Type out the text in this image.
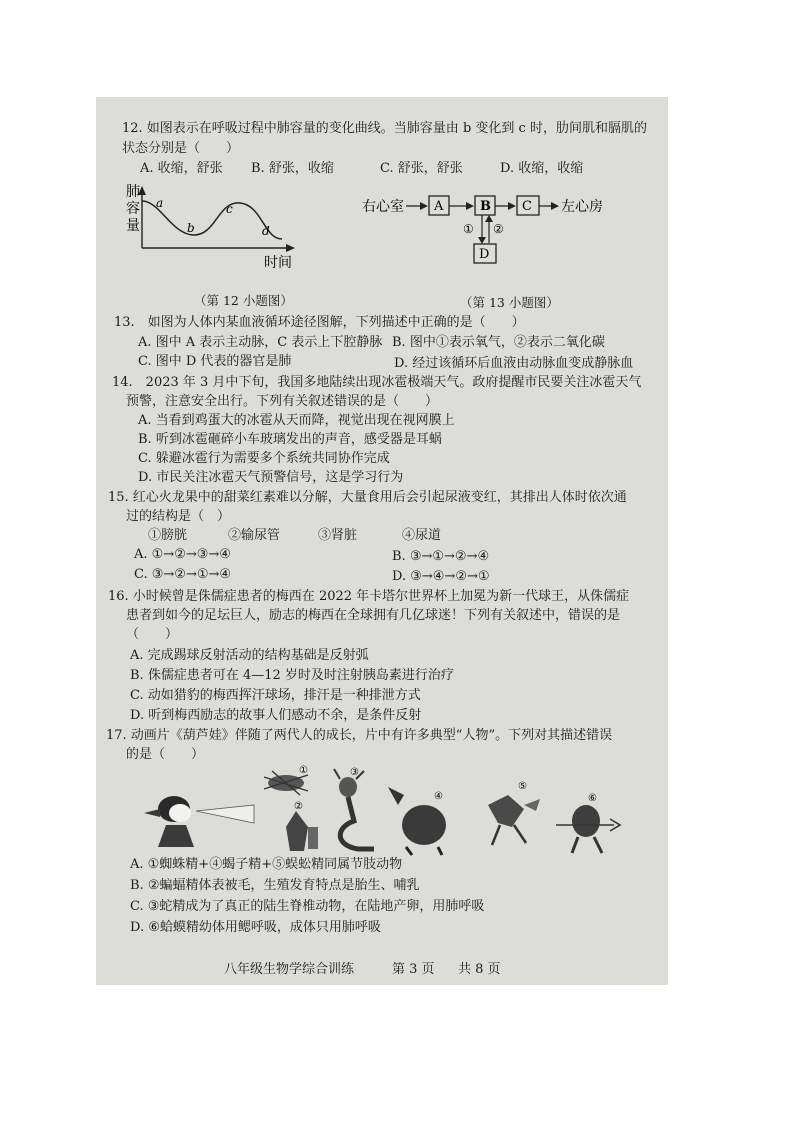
12. 如图表示在呼吸过程中肺容量的变化曲线。当肺容量由 b 变化到 c 时，肋间肌和膈肌的
状态分别是（　　）
A. 收缩，舒张 B. 舒张，收缩	C. 舒张，舒张	D. 收缩，收缩
肺
容
量
a
b
c
d
时间
右心室 A	B C 左心房
① ②
D
（第 12 小题图）	（第 13 小题图）
13.　如图为人体内某血液循环途径图解，下列描述中正确的是（　　）
A. 图中 A 表示主动脉，C 表示上下腔静脉 B. 图中①表示氧气，②表示二氧化碳
C. 图中 D 代表的器官是肺	D. 经过该循环后血液由动脉血变成静脉血
14.　2023 年 3 月中下旬，我国多地陆续出现冰雹极端天气。政府提醒市民要关注冰雹天气
预警，注意安全出行。下列有关叙述错误的是（　　）
A. 当看到鸡蛋大的冰雹从天而降，视觉出现在视网膜上
B. 听到冰雹砸碎小车玻璃发出的声音，感受器是耳蜗
C. 躲避冰雹行为需要多个系统共同协作完成
D. 市民关注冰雹天气预警信号，这是学习行为
15. 红心火龙果中的甜菜红素难以分解，大量食用后会引起尿液变红，其排出人体时依次通
过的结构是（　）
①膀胱	②输尿管	③肾脏	④尿道
A. ①→②→③→④	B. ③→①→②→④
C. ③→②→①→④	D. ③→④→②→①
16. 小时候曾是侏儒症患者的梅西在 2022 年卡塔尔世界杯上加冕为新一代球王，从侏儒症
患者到如今的足坛巨人，励志的梅西在全球拥有几亿球迷！下列有关叙述中，错误的是
（　　）
A. 完成踢球反射活动的结构基础是反射弧
B. 侏儒症患者可在 4—12 岁时及时注射胰岛素进行治疗
C. 动如猎豹的梅西挥汗球场，排汗是一种排泄方式
D. 听到梅西励志的故事人们感动不余，是条件反射
17. 动画片《葫芦娃》伴随了两代人的成长，片中有许多典型“人物”。下列对其描述错误
的是（　　）
①
②
③
④
⑤
⑥
A. ①蜘蛛精+④蝎子精+⑤蜈蚣精同属节肢动物
B. ②蝙蝠精体表被毛，生殖发育特点是胎生、哺乳
C. ③蛇精成为了真正的陆生脊椎动物，在陆地产卵，用肺呼吸
D. ⑥蛤蟆精幼体用鳃呼吸，成体只用肺呼吸
八年级生物学综合训练	第 3 页 共 8 页
